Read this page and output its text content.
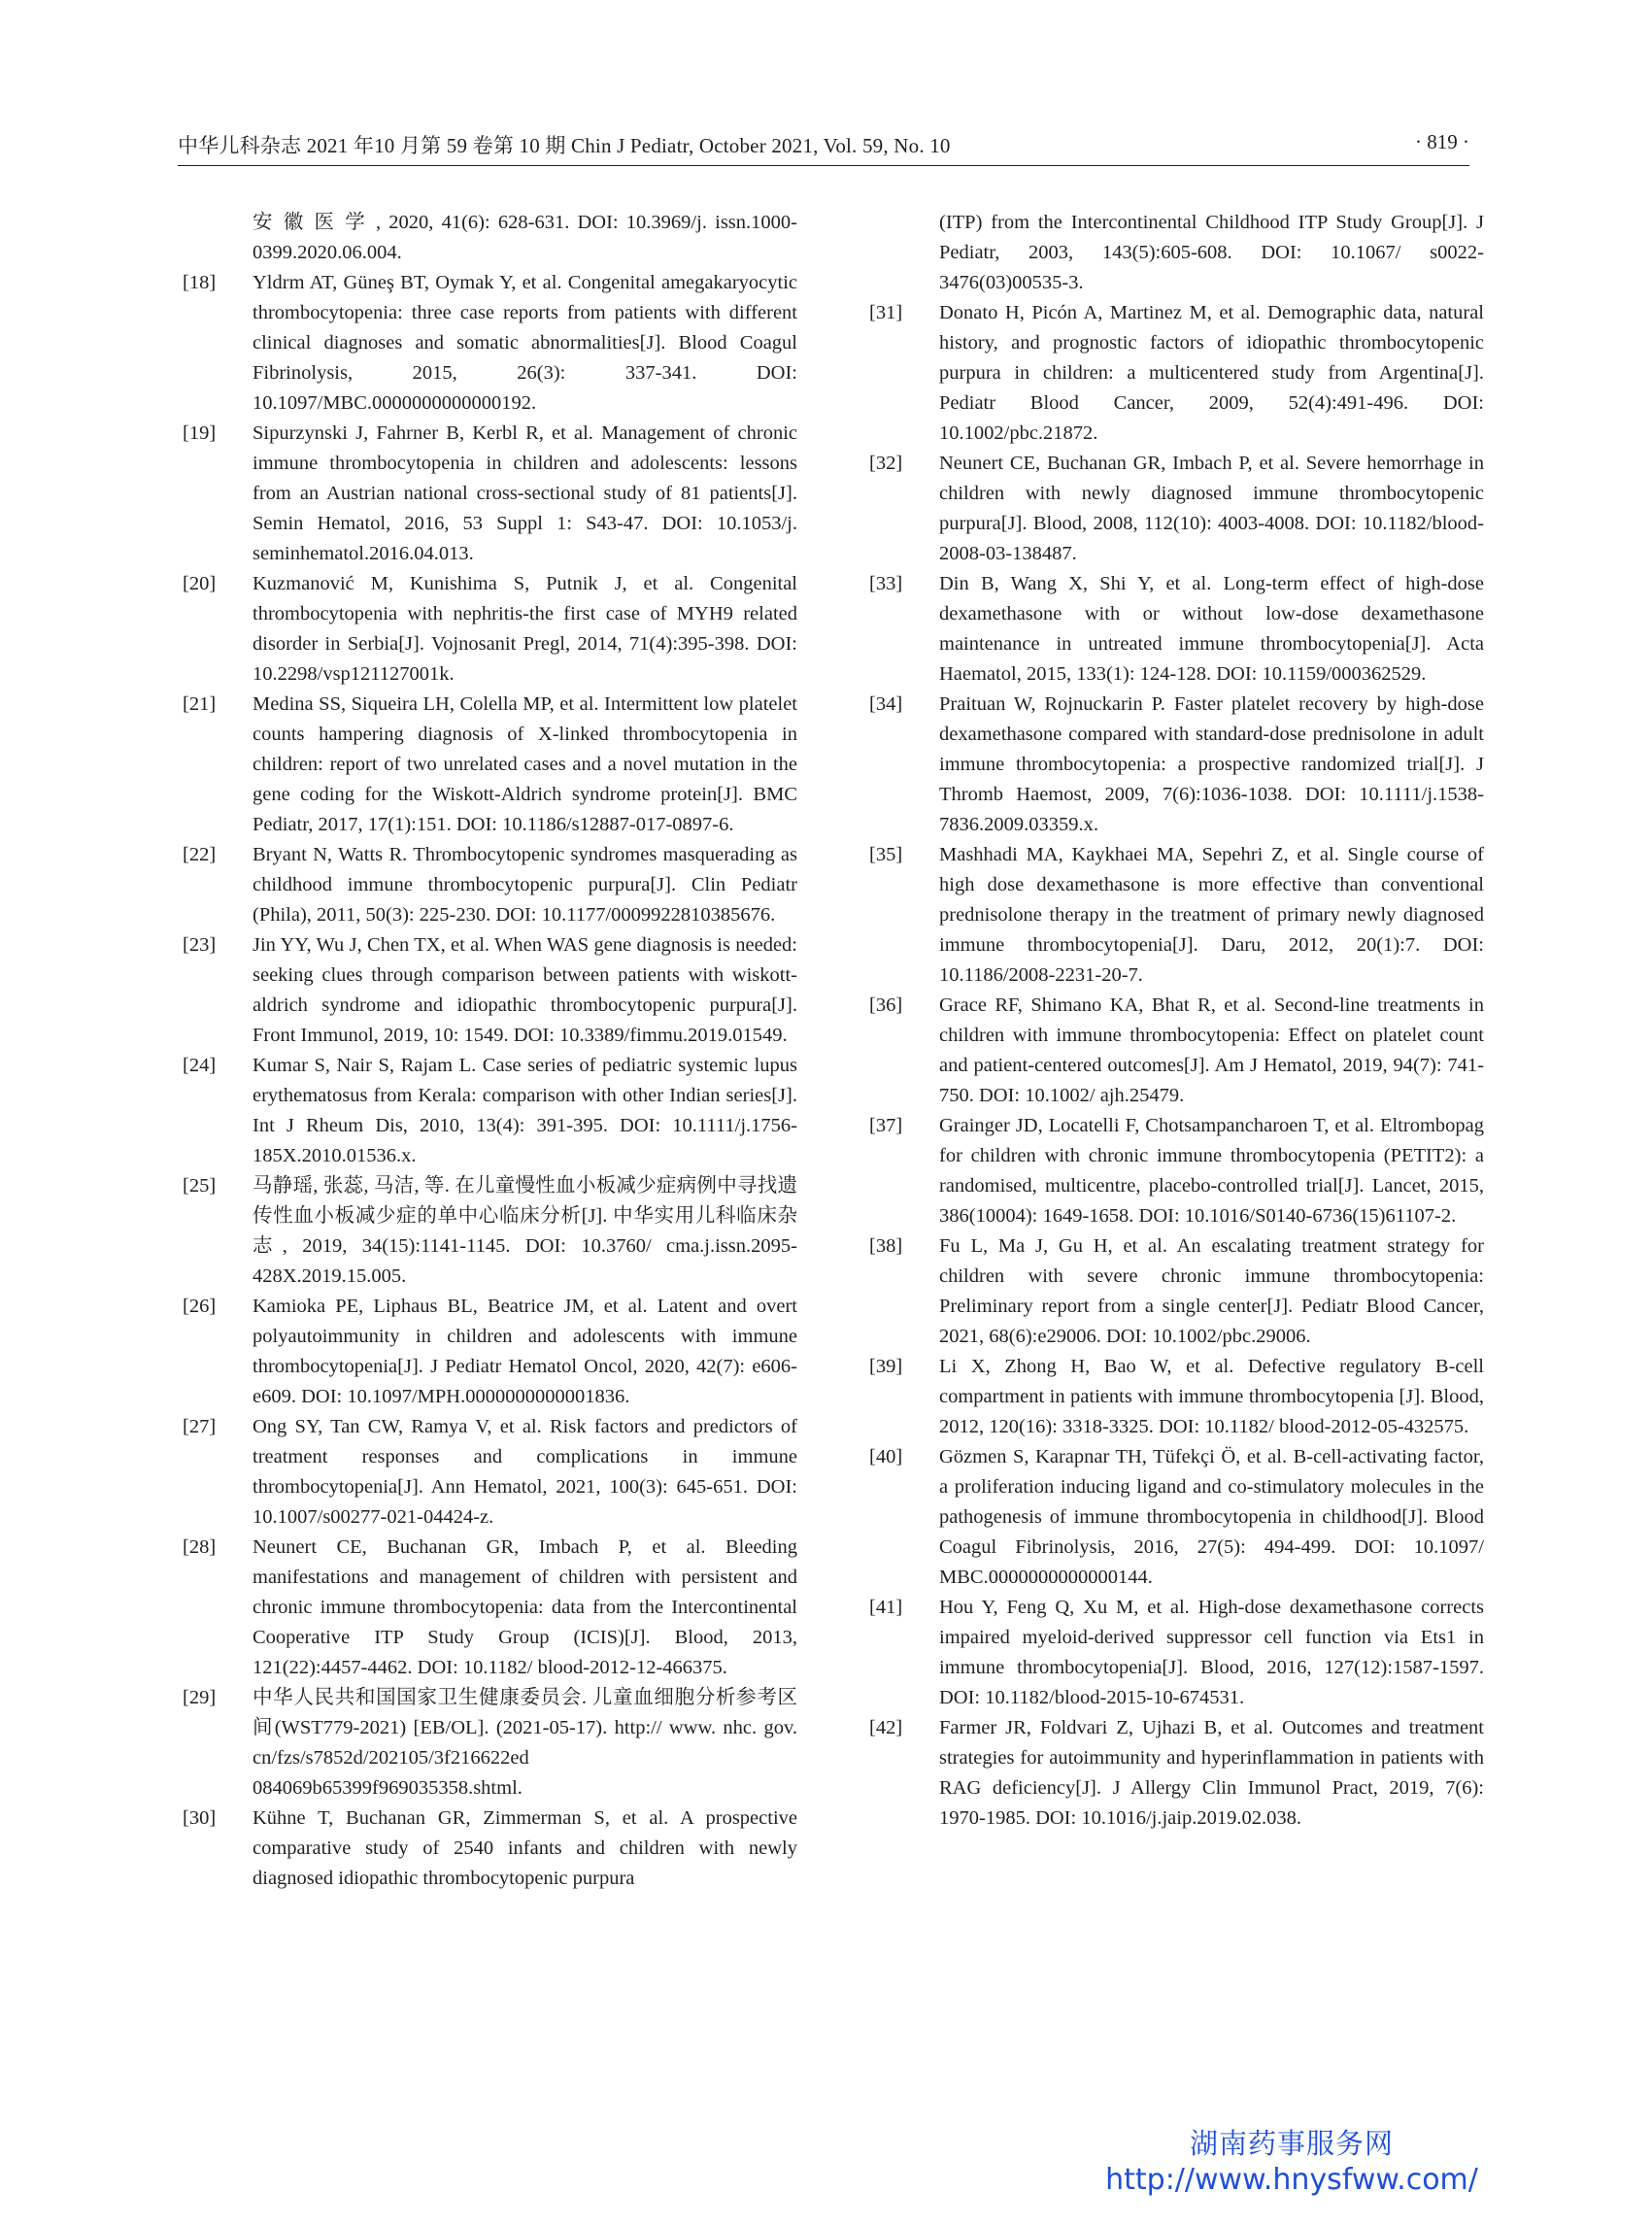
中华儿科杂志 2021 年10 月第 59 卷第 10 期 Chin J Pediatr, October 2021, Vol. 59, No. 10	· 819 ·
安 徽 医 学 , 2020, 41(6): 628-631. DOI: 10.3969/j. issn.1000-0399.2020.06.004.
[18]	Yldrm AT, Güneş BT, Oymak Y, et al. Congenital amegakaryocytic thrombocytopenia: three case reports from patients with different clinical diagnoses and somatic abnormalities[J]. Blood Coagul Fibrinolysis, 2015, 26(3): 337-341. DOI: 10.1097/MBC.0000000000000192.
[19]	Sipurzynski J, Fahrner B, Kerbl R, et al. Management of chronic immune thrombocytopenia in children and adolescents: lessons from an Austrian national cross-sectional study of 81 patients[J]. Semin Hematol, 2016, 53 Suppl 1: S43-47. DOI: 10.1053/j. seminhematol.2016.04.013.
[20]	Kuzmanović M, Kunishima S, Putnik J, et al. Congenital thrombocytopenia with nephritis-the first case of MYH9 related disorder in Serbia[J]. Vojnosanit Pregl, 2014, 71(4):395-398. DOI: 10.2298/vsp121127001k.
[21]	Medina SS, Siqueira LH, Colella MP, et al. Intermittent low platelet counts hampering diagnosis of X-linked thrombocytopenia in children: report of two unrelated cases and a novel mutation in the gene coding for the Wiskott-Aldrich syndrome protein[J]. BMC Pediatr, 2017, 17(1):151. DOI: 10.1186/s12887-017-0897-6.
[22]	Bryant N, Watts R. Thrombocytopenic syndromes masquerading as childhood immune thrombocytopenic purpura[J]. Clin Pediatr (Phila), 2011, 50(3): 225-230. DOI: 10.1177/0009922810385676.
[23]	Jin YY, Wu J, Chen TX, et al. When WAS gene diagnosis is needed: seeking clues through comparison between patients with wiskott-aldrich syndrome and idiopathic thrombocytopenic purpura[J]. Front Immunol, 2019, 10: 1549. DOI: 10.3389/fimmu.2019.01549.
[24]	Kumar S, Nair S, Rajam L. Case series of pediatric systemic lupus erythematosus from Kerala: comparison with other Indian series[J]. Int J Rheum Dis, 2010, 13(4): 391-395. DOI: 10.1111/j.1756-185X.2010.01536.x.
[25]	马静瑶, 张蕊, 马洁, 等. 在儿童慢性血小板减少症病例中寻找遗传性血小板减少症的单中心临床分析[J]. 中华实用儿科临床杂志, 2019, 34(15):1141-1145. DOI: 10.3760/ cma.j.issn.2095-428X.2019.15.005.
[26]	Kamioka PE, Liphaus BL, Beatrice JM, et al. Latent and overt polyautoimmunity in children and adolescents with immune thrombocytopenia[J]. J Pediatr Hematol Oncol, 2020, 42(7): e606-e609. DOI: 10.1097/MPH.0000000000001836.
[27]	Ong SY, Tan CW, Ramya V, et al. Risk factors and predictors of treatment responses and complications in immune thrombocytopenia[J]. Ann Hematol, 2021, 100(3): 645-651. DOI: 10.1007/s00277-021-04424-z.
[28]	Neunert CE, Buchanan GR, Imbach P, et al. Bleeding manifestations and management of children with persistent and chronic immune thrombocytopenia: data from the Intercontinental Cooperative ITP Study Group (ICIS)[J]. Blood, 2013, 121(22):4457-4462. DOI: 10.1182/ blood-2012-12-466375.
[29]	中华人民共和国国家卫生健康委员会. 儿童血细胞分析参考区间(WST779-2021) [EB/OL]. (2021-05-17). http:// www. nhc. gov. cn/fzs/s7852d/202105/3f216622ed 084069b65399f969035358.shtml.
[30]	Kühne T, Buchanan GR, Zimmerman S, et al. A prospective comparative study of 2540 infants and children with newly diagnosed idiopathic thrombocytopenic purpura
(ITP) from the Intercontinental Childhood ITP Study Group[J]. J Pediatr, 2003, 143(5):605-608. DOI: 10.1067/ s0022-3476(03)00535-3.
[31]	Donato H, Picón A, Martinez M, et al. Demographic data, natural history, and prognostic factors of idiopathic thrombocytopenic purpura in children: a multicentered study from Argentina[J]. Pediatr Blood Cancer, 2009, 52(4):491-496. DOI: 10.1002/pbc.21872.
[32]	Neunert CE, Buchanan GR, Imbach P, et al. Severe hemorrhage in children with newly diagnosed immune thrombocytopenic purpura[J]. Blood, 2008, 112(10): 4003-4008. DOI: 10.1182/blood-2008-03-138487.
[33]	Din B, Wang X, Shi Y, et al. Long-term effect of high-dose dexamethasone with or without low-dose dexamethasone maintenance in untreated immune thrombocytopenia[J]. Acta Haematol, 2015, 133(1): 124-128. DOI: 10.1159/000362529.
[34]	Praituan W, Rojnuckarin P. Faster platelet recovery by high-dose dexamethasone compared with standard-dose prednisolone in adult immune thrombocytopenia: a prospective randomized trial[J]. J Thromb Haemost, 2009, 7(6):1036-1038. DOI: 10.1111/j.1538-7836.2009.03359.x.
[35]	Mashhadi MA, Kaykhaei MA, Sepehri Z, et al. Single course of high dose dexamethasone is more effective than conventional prednisolone therapy in the treatment of primary newly diagnosed immune thrombocytopenia[J]. Daru, 2012, 20(1):7. DOI: 10.1186/2008-2231-20-7.
[36]	Grace RF, Shimano KA, Bhat R, et al. Second-line treatments in children with immune thrombocytopenia: Effect on platelet count and patient-centered outcomes[J]. Am J Hematol, 2019, 94(7): 741-750. DOI: 10.1002/ ajh.25479.
[37]	Grainger JD, Locatelli F, Chotsampancharoen T, et al. Eltrombopag for children with chronic immune thrombocytopenia (PETIT2): a randomised, multicentre, placebo-controlled trial[J]. Lancet, 2015, 386(10004): 1649-1658. DOI: 10.1016/S0140-6736(15)61107-2.
[38]	Fu L, Ma J, Gu H, et al. An escalating treatment strategy for children with severe chronic immune thrombocytopenia: Preliminary report from a single center[J]. Pediatr Blood Cancer, 2021, 68(6):e29006. DOI: 10.1002/pbc.29006.
[39]	Li X, Zhong H, Bao W, et al. Defective regulatory B-cell compartment in patients with immune thrombocytopenia [J]. Blood, 2012, 120(16): 3318-3325. DOI: 10.1182/ blood-2012-05-432575.
[40]	Gözmen S, Karapnar TH, Tüfekçi Ö, et al. B-cell-activating factor, a proliferation inducing ligand and co-stimulatory molecules in the pathogenesis of immune thrombocytopenia in childhood[J]. Blood Coagul Fibrinolysis, 2016, 27(5): 494-499. DOI: 10.1097/ MBC.0000000000000144.
[41]	Hou Y, Feng Q, Xu M, et al. High-dose dexamethasone corrects impaired myeloid-derived suppressor cell function via Ets1 in immune thrombocytopenia[J]. Blood, 2016, 127(12):1587-1597. DOI: 10.1182/blood-2015-10-674531.
[42]	Farmer JR, Foldvari Z, Ujhazi B, et al. Outcomes and treatment strategies for autoimmunity and hyperinflammation in patients with RAG deficiency[J]. J Allergy Clin Immunol Pract, 2019, 7(6): 1970-1985. DOI: 10.1016/j.jaip.2019.02.038.
湖南药事服务网
http://www.hnysfww.com/
